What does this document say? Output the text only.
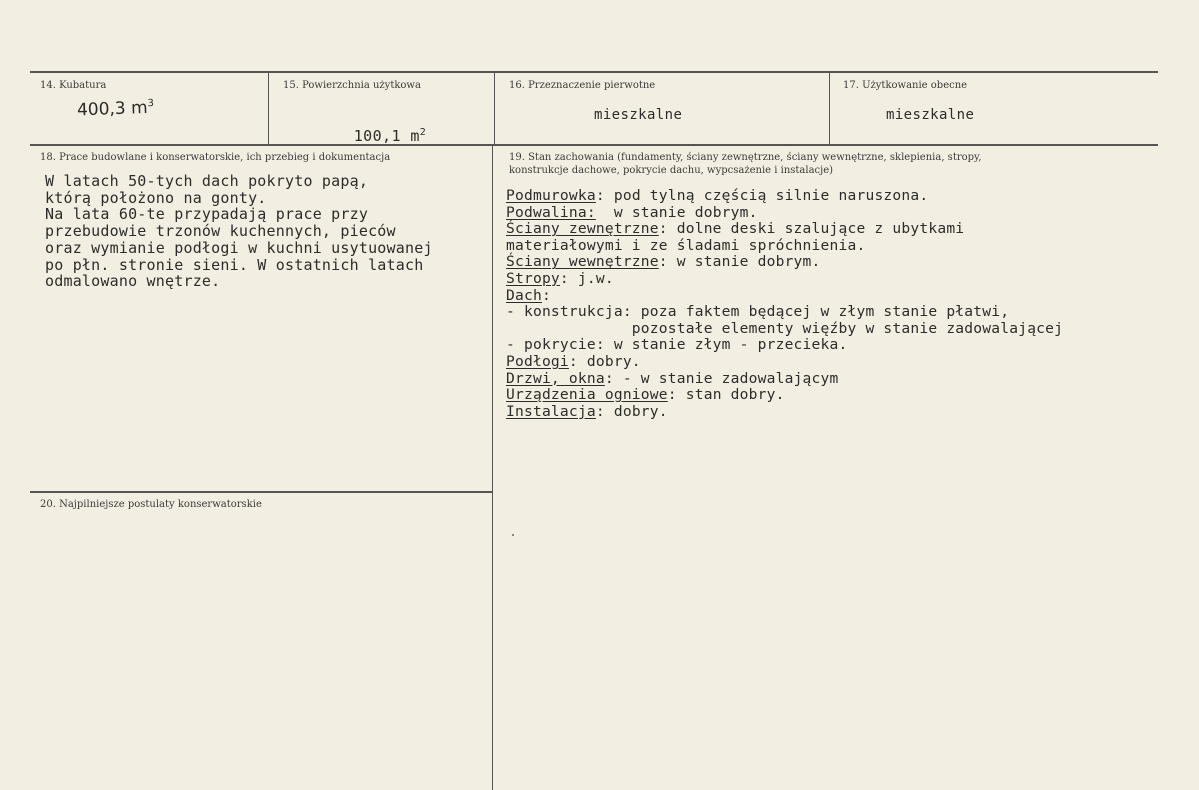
14. Kubatura
400,3 $m^3$
15. Powierzchnia użytkowa

100,1 $m^2$

16. Przeznaczenie pierwotne
mieszkalne
17. Użytkowanie obecne
mieszkalne
18. Prace budowlane i konserwatorskie, ich przebieg i dokumentacja
W latach 50-tych dach pokryto papą,
którą położono na gonty.
Na lata 60-te przypadają prace przy
przebudowie trzonów kuchennych, pieców
oraz wymianie podłogi w kuchni usytuowanej
po płn. stronie sieni. W ostatnich latach
odmalowano wnętrze.
20. Najpilniejsze postulaty konserwatorskie
19. Stan zachowania (fundamenty, ściany zewnętrzne, ściany wewnętrzne, sklepienia, stropy,
konstrukcje dachowe, pokrycie dachu, wypcsażenie i instalacje)
Podmurowka: pod tylną częścią silnie naruszona.
Podwalina:  w stanie dobrym.
Ściany zewnętrzne: dolne deski szalujące z ubytkami
materiałowymi i ze śladami spróchnienia.
Ściany wewnętrzne: w stanie dobrym.
Stropy: j.w.
Dach:
- konstrukcja: poza faktem będącej w złym stanie płatwi,
pozostałe elementy więźby w stanie zadowalającej
- pokrycie: w stanie złym - przecieka.
Podłogi: dobry.
Drzwi, okna: - w stanie zadowalającym
Urządzenia ogniowe: stan dobry.
Instalacja: dobry.
